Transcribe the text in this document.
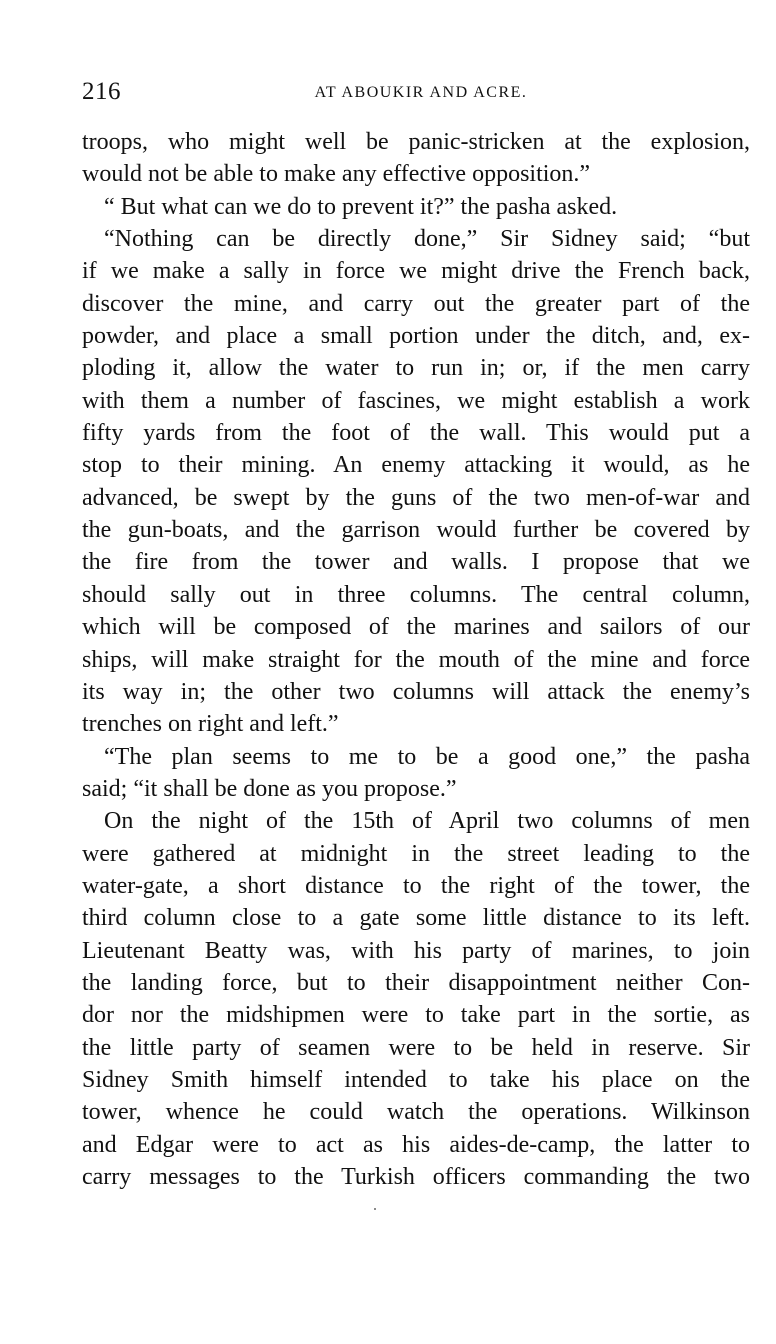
216	AT ABOUKIR AND ACRE.
troops, who might well be panic-stricken at the explosion,
would not be able to make any effective opposition.”
“ But what can we do to prevent it?” the pasha asked.
“Nothing can be directly done,” Sir Sidney said; “but
if we make a sally in force we might drive the French back,
discover the mine, and carry out the greater part of the
powder, and place a small portion under the ditch, and, ex-
ploding it, allow the water to run in; or, if the men carry
with them a number of fascines, we might establish a work
fifty yards from the foot of the wall. This would put a
stop to their mining. An enemy attacking it would, as he
advanced, be swept by the guns of the two men-of-war and
the gun-boats, and the garrison would further be covered by
the fire from the tower and walls. I propose that we
should sally out in three columns. The central column,
which will be composed of the marines and sailors of our
ships, will make straight for the mouth of the mine and force
its way in; the other two columns will attack the enemy’s
trenches on right and left.”
“The plan seems to me to be a good one,” the pasha
said; “it shall be done as you propose.”
On the night of the 15th of April two columns of men
were gathered at midnight in the street leading to the
water-gate, a short distance to the right of the tower, the
third column close to a gate some little distance to its left.
Lieutenant Beatty was, with his party of marines, to join
the landing force, but to their disappointment neither Con-
dor nor the midshipmen were to take part in the sortie, as
the little party of seamen were to be held in reserve. Sir
Sidney Smith himself intended to take his place on the
tower, whence he could watch the operations. Wilkinson
and Edgar were to act as his aides-de-camp, the latter to
carry messages to the Turkish officers commanding the two
